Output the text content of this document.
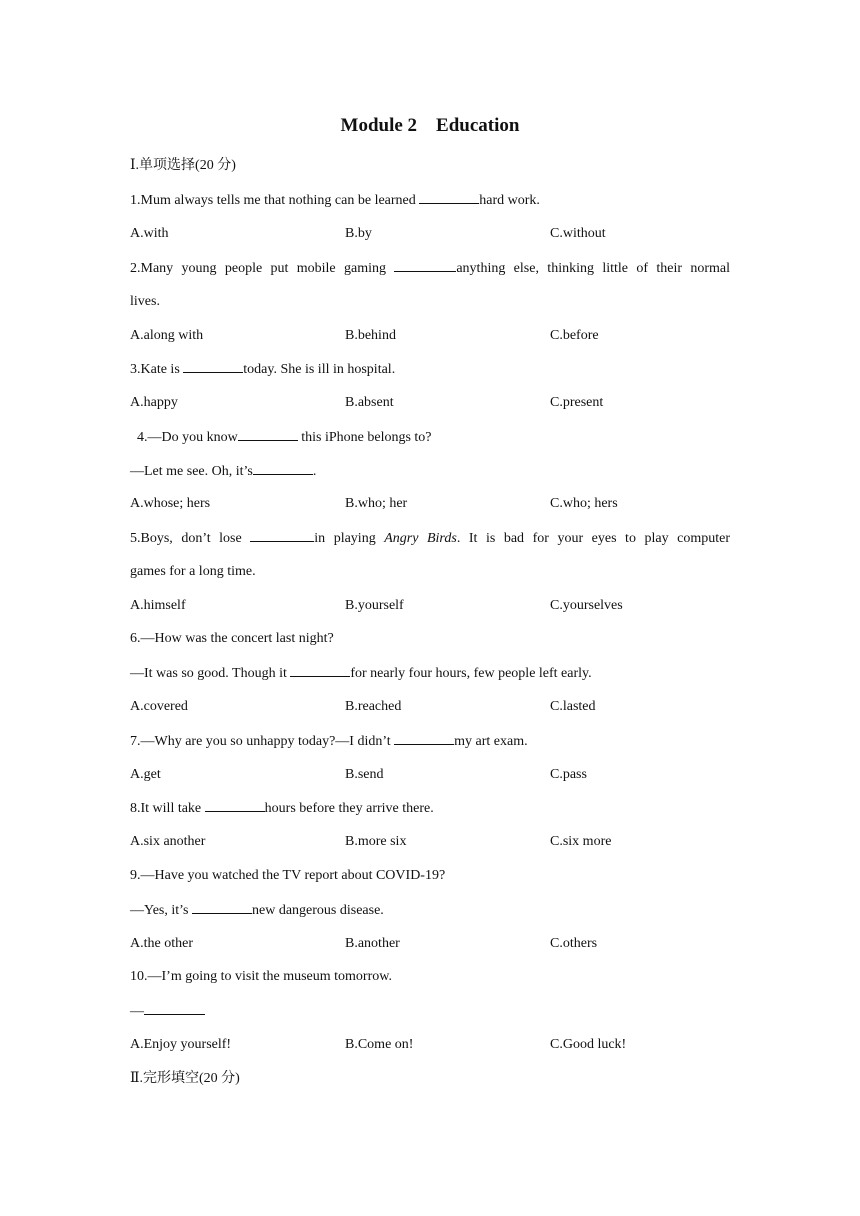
Module 2    Education
Ⅰ.单项选择(20 分)
1.Mum always tells me that nothing can be learned	hard work.
A.with	B.by	C.without
2.Many young people put mobile gaming	anything else, thinking little of their normal
lives.
A.along with	B.behind	C.before
3.Kate is	today. She is ill in hospital.
A.happy	B.absent	C.present
4.—Do you know	this iPhone belongs to?
—Let me see. Oh, it’s	.
A.whose; hers	B.who; her	C.who; hers
5.Boys, don’t lose	in playing Angry Birds. It is bad for your eyes to play computer
games for a long time.
A.himself	B.yourself	C.yourselves
6.—How was the concert last night?
—It was so good. Though it	for nearly four hours, few people left early.
A.covered	B.reached	C.lasted
7.—Why are you so unhappy today?—I didn’t	my art exam.
A.get	B.send	C.pass
8.It will take	hours before they arrive there.
A.six another	B.more six	C.six more
9.—Have you watched the TV report about COVID-19?
—Yes, it’s	new dangerous disease.
A.the other	B.another	C.others
10.—I’m going to visit the museum tomorrow.
—
A.Enjoy yourself!	B.Come on!	C.Good luck!
Ⅱ.完形填空(20 分)
